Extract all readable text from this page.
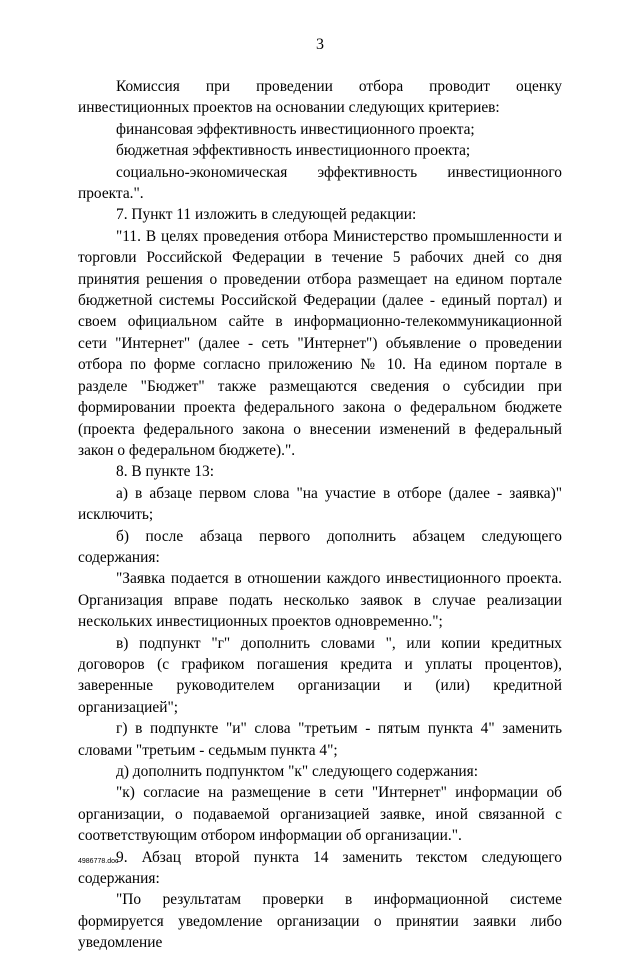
3

Комиссия при проведении отбора проводит оценку инвестиционных проектов на основании следующих критериев:

финансовая эффективность инвестиционного проекта;

бюджетная эффективность инвестиционного проекта;

социально-экономическая эффективность инвестиционного проекта.".

7. Пункт 11 изложить в следующей редакции:

"11. В целях проведения отбора Министерство промышленности и торговли Российской Федерации в течение 5 рабочих дней со дня принятия решения о проведении отбора размещает на едином портале бюджетной системы Российской Федерации (далее - единый портал) и своем официальном сайте в информационно-телекоммуникационной сети "Интернет" (далее - сеть "Интернет") объявление о проведении отбора по форме согласно приложению № 10. На едином портале в разделе "Бюджет" также размещаются сведения о субсидии при формировании проекта федерального закона о федеральном бюджете (проекта федерального закона о внесении изменений в федеральный закон о федеральном бюджете).".

8. В пункте 13:

а) в абзаце первом слова "на участие в отборе (далее - заявка)" исключить;

б) после абзаца первого дополнить абзацем следующего содержания:

"Заявка подается в отношении каждого инвестиционного проекта. Организация вправе подать несколько заявок в случае реализации нескольких инвестиционных проектов одновременно.";

в) подпункт "г" дополнить словами ", или копии кредитных договоров (с графиком погашения кредита и уплаты процентов), заверенные руководителем организации и (или) кредитной организацией";

г) в подпункте "и" слова "третьим - пятым пункта 4" заменить словами "третьим - седьмым пункта 4";

д) дополнить подпунктом "к" следующего содержания:

"к) согласие на размещение в сети "Интернет" информации об организации, о подаваемой организацией заявке, иной связанной с соответствующим отбором информации об организации.".

9. Абзац второй пункта 14 заменить текстом следующего содержания:

"По результатам проверки в информационной системе формируется уведомление организации о принятии заявки либо уведомление

4986778.doc
